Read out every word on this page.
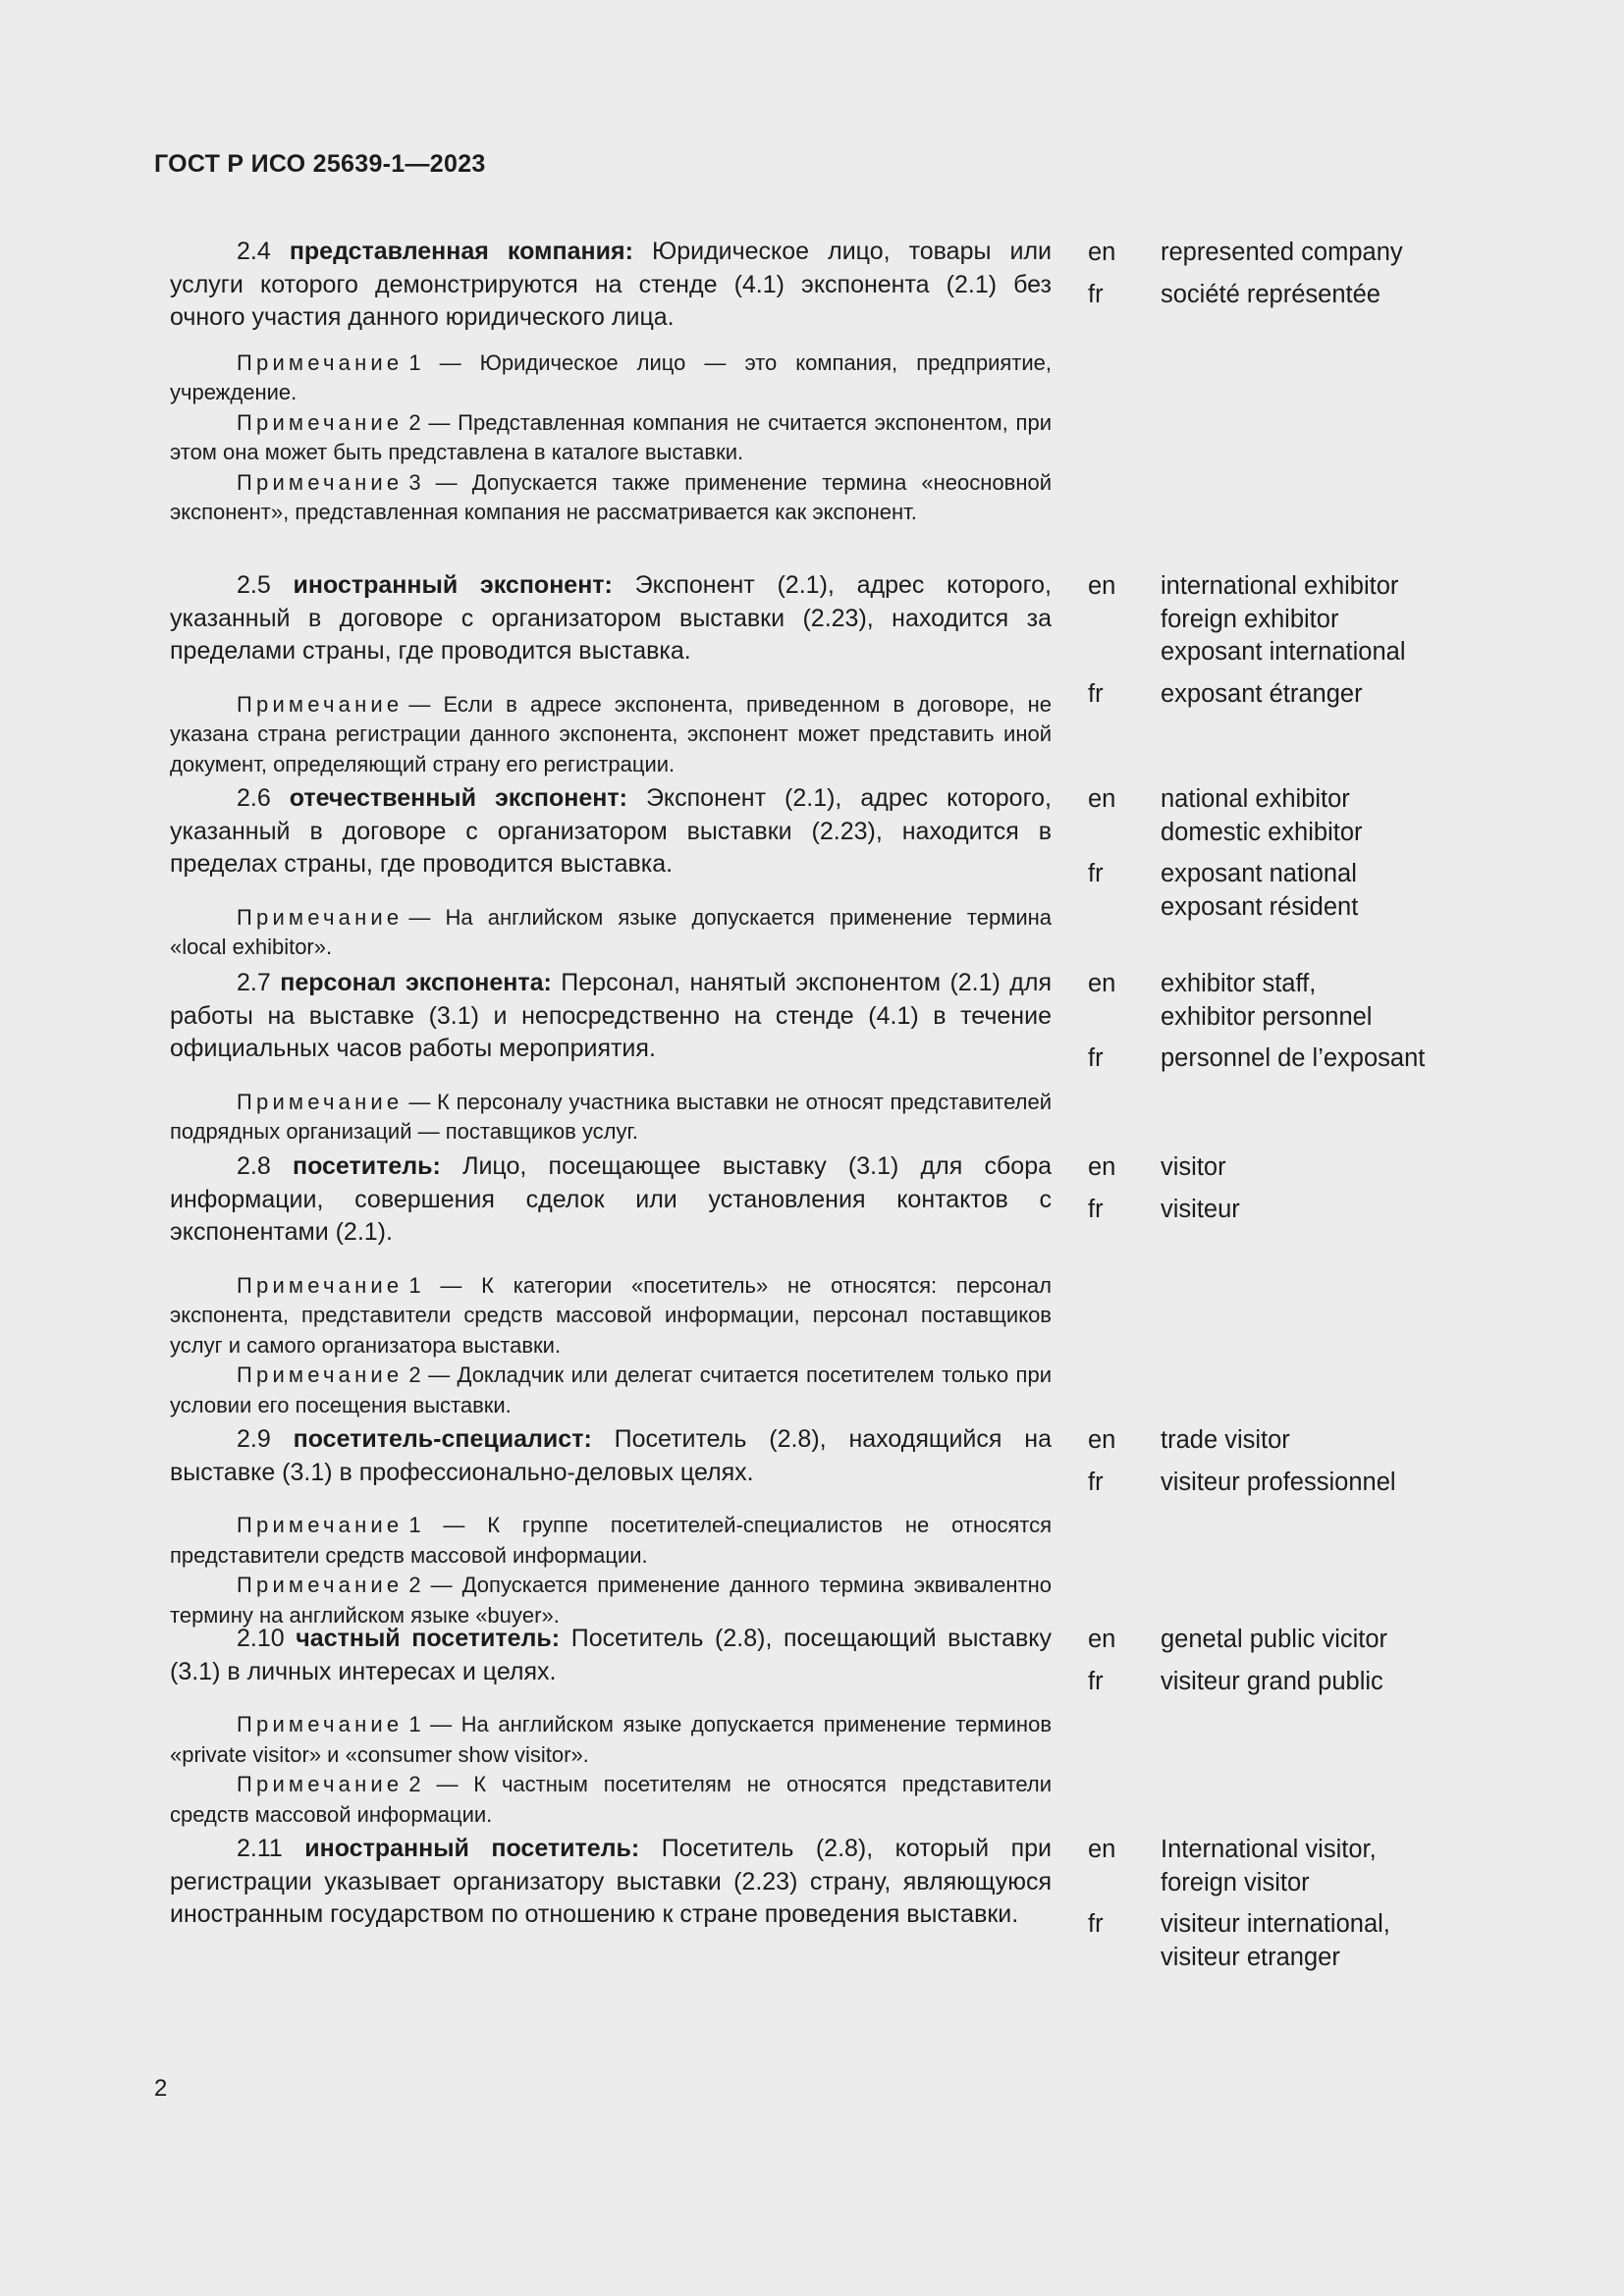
ГОСТ Р ИСО 25639-1—2023

2.4 представленная компания: Юридическое лицо, товары или услуги которого демонстрируются на стенде (4.1) экспонента (2.1) без очного участия данного юридического лица.

Примечание 1 — Юридическое лицо — это компания, предприятие, учреждение.

Примечание 2 — Представленная компания не считается экспонентом, при этом она может быть представлена в каталоге выставки.

Примечание 3 — Допускается также применение термина «неосновной экспонент», представленная компания не рассматривается как экспонент.

en	represented company
fr	société représentée

2.5 иностранный экспонент: Экспонент (2.1), адрес которого, указанный в договоре с организатором выставки (2.23), находится за пределами страны, где проводится выставка.

Примечание — Если в адресе экспонента, приведенном в договоре, не указана страна регистрации данного экспонента, экспонент может представить иной документ, определяющий страну его регистрации.

en	international exhibitor
foreign exhibitor
exposant international
fr	exposant étranger

2.6 отечественный экспонент: Экспонент (2.1), адрес которого, указанный в договоре с организатором выставки (2.23), находится в пределах страны, где проводится выставка.

Примечание — На английском языке допускается применение термина «local exhibitor».

en	national exhibitor
domestic exhibitor
fr	exposant national
exposant résident

2.7 персонал экспонента: Персонал, нанятый экспонентом (2.1) для работы на выставке (3.1) и непосредственно на стенде (4.1) в течение официальных часов работы мероприятия.

Примечание — К персоналу участника выставки не относят представителей подрядных организаций — поставщиков услуг.

en	exhibitor staff,
exhibitor personnel
fr	personnel de l’exposant

2.8 посетитель: Лицо, посещающее выставку (3.1) для сбора информации, совершения сделок или установления контактов с экспонентами (2.1).

Примечание 1 — К категории «посетитель» не относятся: персонал экспонента, представители средств массовой информации, персонал поставщиков услуг и самого организатора выставки.

Примечание 2 — Докладчик или делегат считается посетителем только при условии его посещения выставки.

en	visitor
fr	visiteur

2.9 посетитель-специалист: Посетитель (2.8), находящийся на выставке (3.1) в профессионально-деловых целях.

Примечание 1 — К группе посетителей-специалистов не относятся представители средств массовой информации.

Примечание 2 — Допускается применение данного термина эквивалентно термину на английском языке «buyer».

en	trade visitor
fr	visiteur professionnel

2.10 частный посетитель: Посетитель (2.8), посещающий выставку (3.1) в личных интересах и целях.

Примечание 1 — На английском языке допускается применение терминов «private visitor» и «consumer show visitor».

Примечание 2 — К частным посетителям не относятся представители средств массовой информации.

en	genetal public vicitor
fr	visiteur grand public

2.11 иностранный посетитель: Посетитель (2.8), который при регистрации указывает организатору выставки (2.23) страну, являющуюся иностранным государством по отношению к стране проведения выставки.

en	International visitor,
foreign visitor
fr	visiteur international,
visiteur etranger
2
